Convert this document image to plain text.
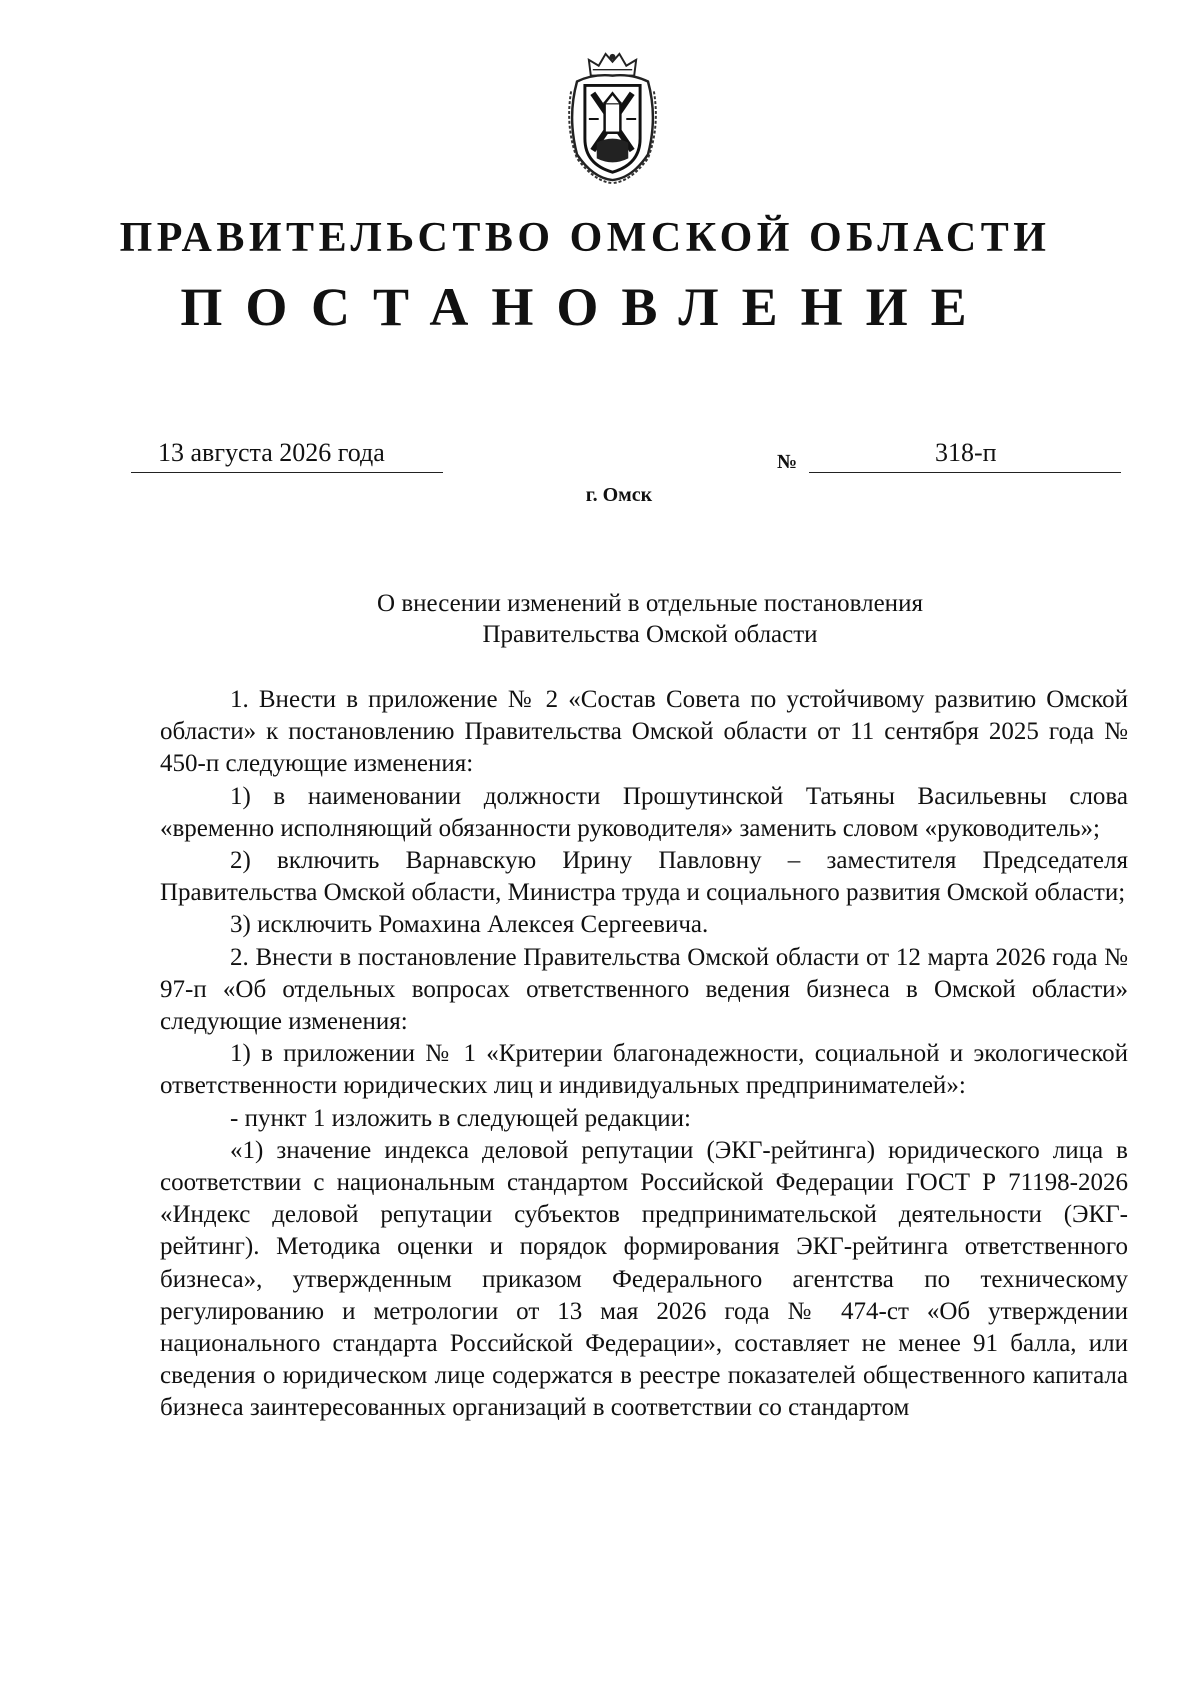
ПРАВИТЕЛЬСТВО ОМСКОЙ ОБЛАСТИ
ПОСТАНОВЛЕНИЕ
13 августа 2026 года	№	318-п
г. Омск
О внесении изменений в отдельные постановления
Правительства Омской области

1. Внести в приложение № 2 «Состав Совета по устойчивому развитию Омской области» к постановлению Правительства Омской области от 11 сентября 2025 года № 450-п следующие изменения:

1) в наименовании должности Прошутинской Татьяны Васильевны слова «временно исполняющий обязанности руководителя» заменить словом «руководитель»;

2) включить Варнавскую Ирину Павловну – заместителя Председателя Правительства Омской области, Министра труда и социального развития Омской области;

3) исключить Ромахина Алексея Сергеевича.

2. Внести в постановление Правительства Омской области от 12 марта 2026 года № 97-п «Об отдельных вопросах ответственного ведения бизнеса в Омской области» следующие изменения:

1) в приложении № 1 «Критерии благонадежности, социальной и экологической ответственности юридических лиц и индивидуальных предпринимателей»:

- пункт 1 изложить в следующей редакции:

«1) значение индекса деловой репутации (ЭКГ-рейтинга) юридического лица в соответствии с национальным стандартом Российской Федерации ГОСТ Р 71198-2026 «Индекс деловой репутации субъектов предпринимательской деятельности (ЭКГ-рейтинг). Методика оценки и порядок формирования ЭКГ-рейтинга ответственного бизнеса», утвержденным приказом Федерального агентства по техническому регулированию и метрологии от 13 мая 2026 года № 474-ст «Об утверждении национального стандарта Российской Федерации», составляет не менее 91 балла, или сведения о юридическом лице содержатся в реестре показателей общественного капитала бизнеса заинтересованных организаций в соответствии со стандартом
